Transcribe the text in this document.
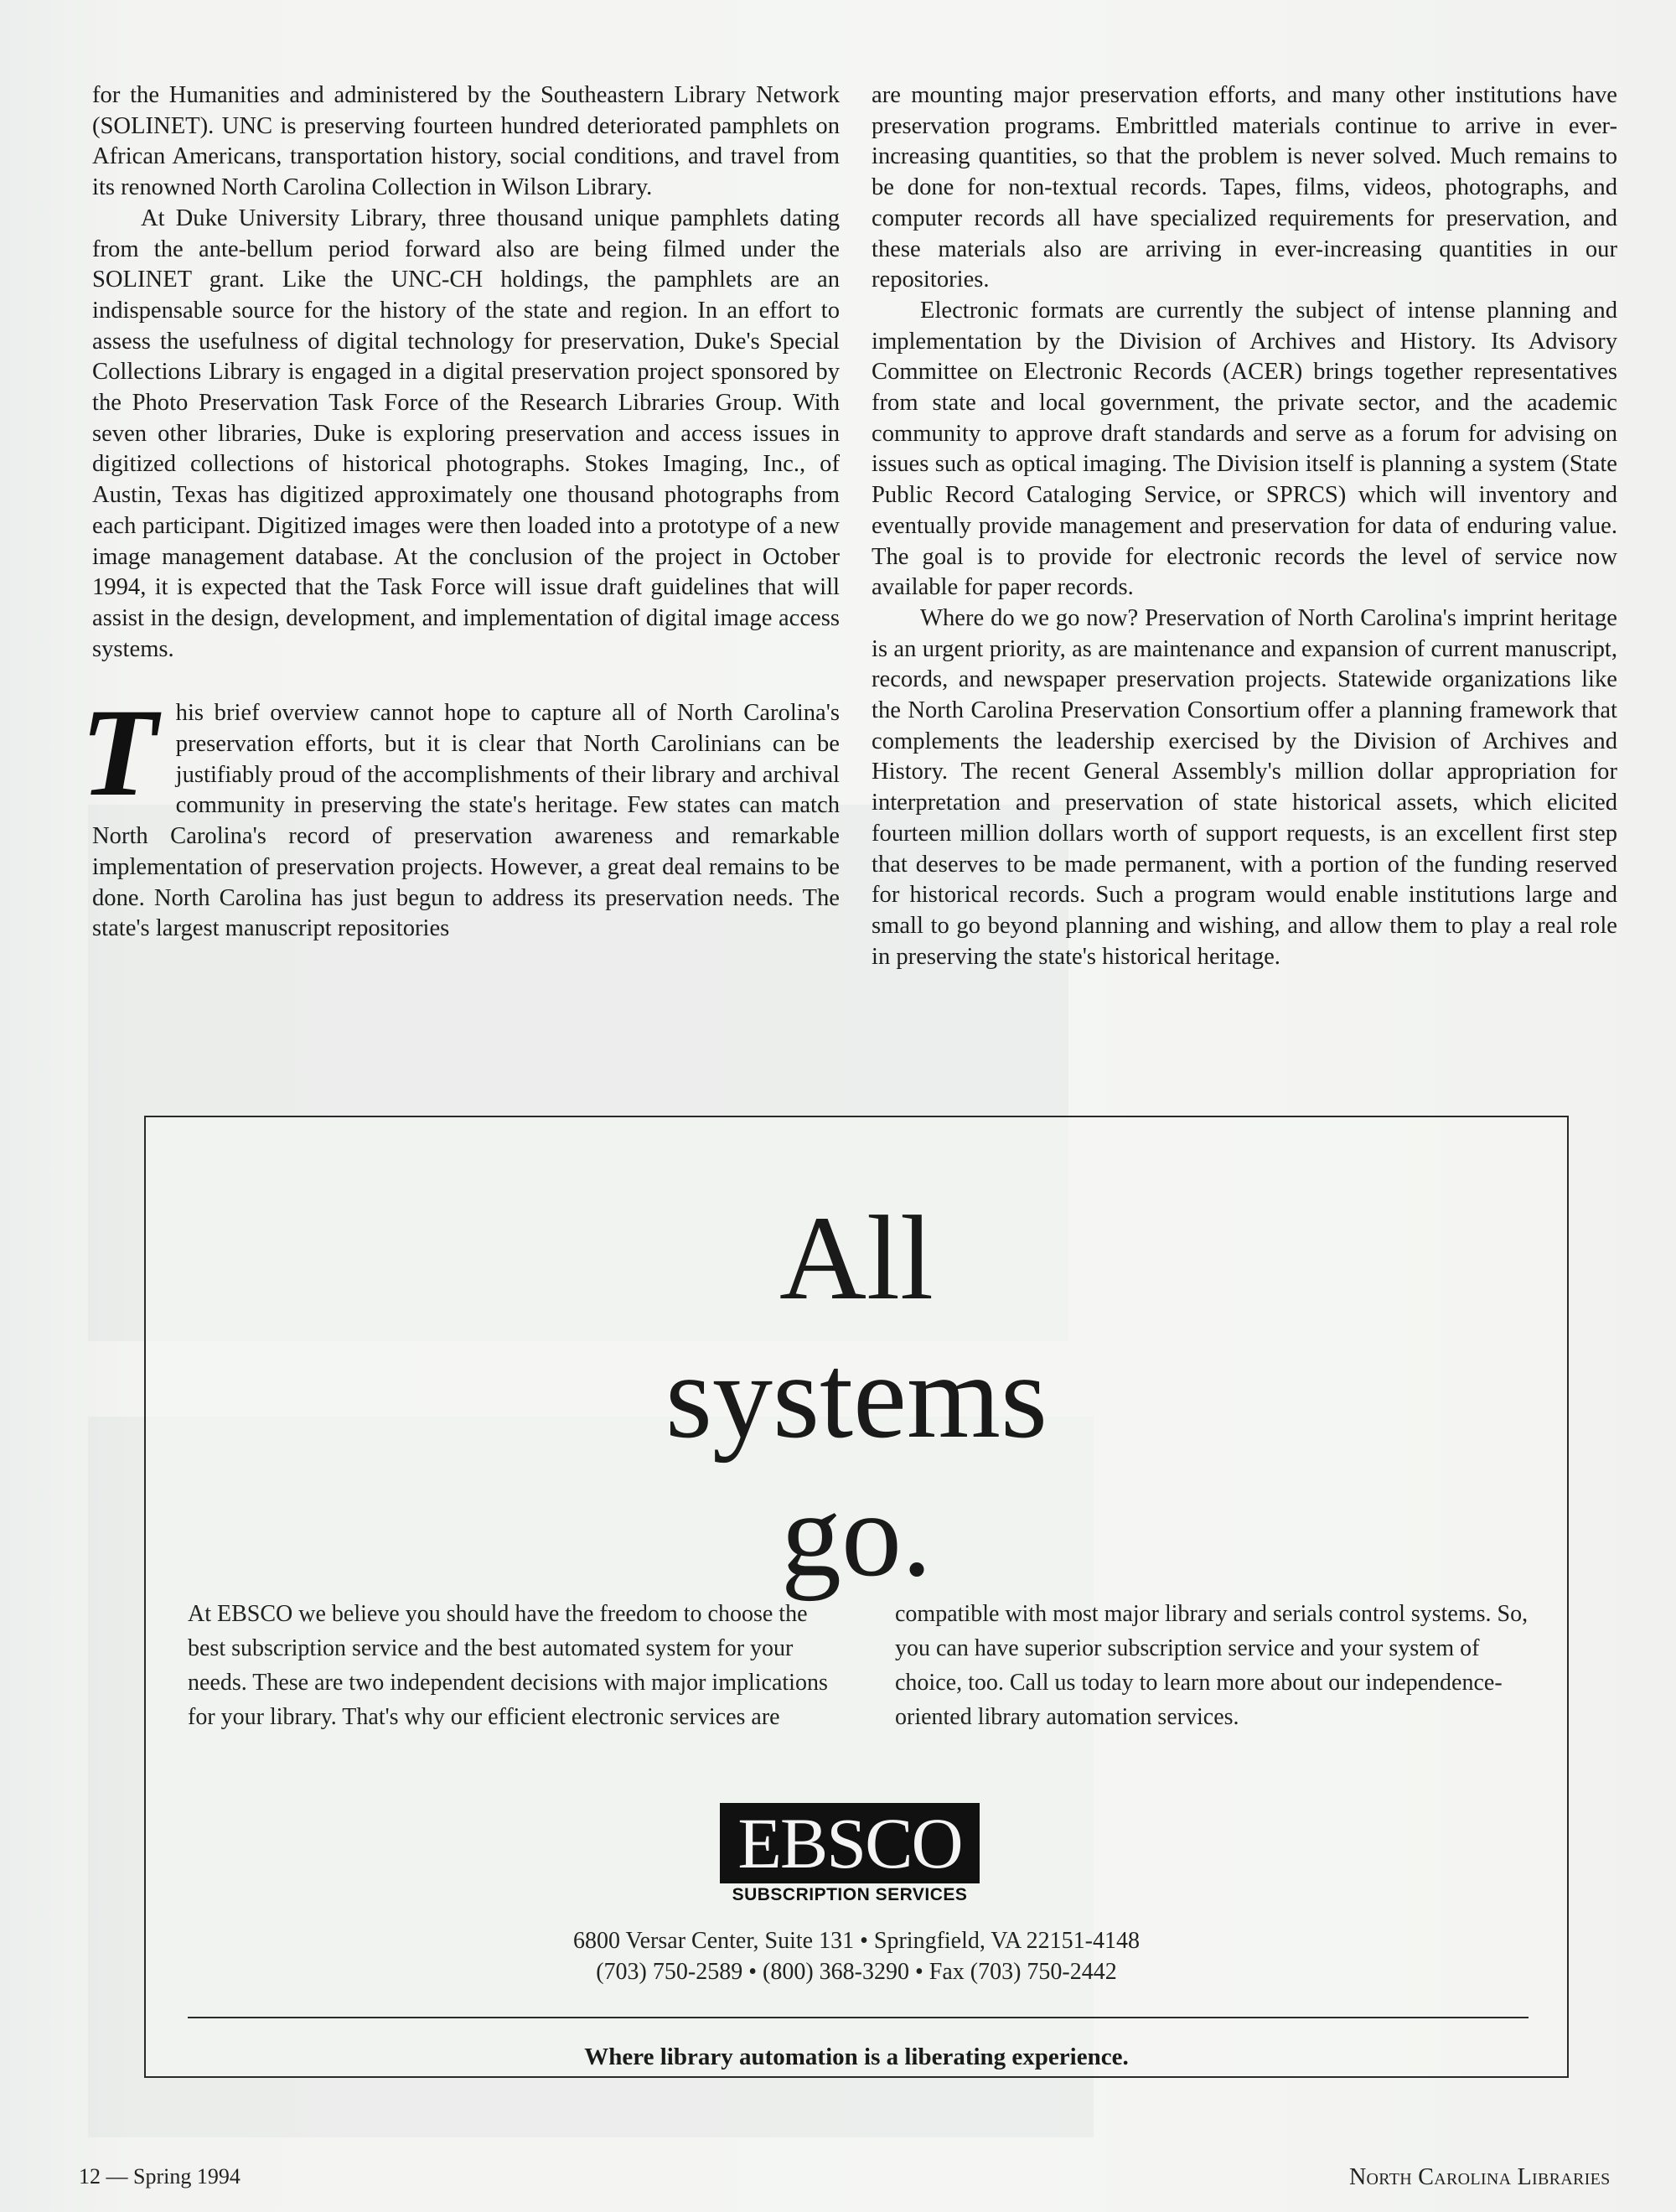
for the Humanities and administered by the Southeastern Library Network (SOLINET). UNC is preserving fourteen hundred deteriorated pamphlets on African Americans, transportation history, social conditions, and travel from its renowned North Carolina Collection in Wilson Library.

At Duke University Library, three thousand unique pamphlets dating from the ante-bellum period forward also are being filmed under the SOLINET grant. Like the UNC-CH holdings, the pamphlets are an indispensable source for the history of the state and region. In an effort to assess the usefulness of digital technology for preservation, Duke's Special Collections Library is engaged in a digital preservation project sponsored by the Photo Preservation Task Force of the Research Libraries Group. With seven other libraries, Duke is exploring preservation and access issues in digitized collections of historical photographs. Stokes Imaging, Inc., of Austin, Texas has digitized approximately one thousand photographs from each participant. Digitized images were then loaded into a prototype of a new image management database. At the conclusion of the project in October 1994, it is expected that the Task Force will issue draft guidelines that will assist in the design, development, and implementation of digital image access systems.

This brief overview cannot hope to capture all of North Carolina's preservation efforts, but it is clear that North Carolinians can be justifiably proud of the accomplishments of their library and archival community in preserving the state's heritage. Few states can match North Carolina's record of preservation awareness and remarkable implementation of preservation projects. However, a great deal remains to be done. North Carolina has just begun to address its preservation needs. The state's largest manuscript repositories

are mounting major preservation efforts, and many other institutions have preservation programs. Embrittled materials continue to arrive in ever-increasing quantities, so that the problem is never solved. Much remains to be done for non-textual records. Tapes, films, videos, photographs, and computer records all have specialized requirements for preservation, and these materials also are arriving in ever-increasing quantities in our repositories.

Electronic formats are currently the subject of intense planning and implementation by the Division of Archives and History. Its Advisory Committee on Electronic Records (ACER) brings together representatives from state and local government, the private sector, and the academic community to approve draft standards and serve as a forum for advising on issues such as optical imaging. The Division itself is planning a system (State Public Record Cataloging Service, or SPRCS) which will inventory and eventually provide management and preservation for data of enduring value. The goal is to provide for electronic records the level of service now available for paper records.

Where do we go now? Preservation of North Carolina's imprint heritage is an urgent priority, as are maintenance and expansion of current manuscript, records, and newspaper preservation projects. Statewide organizations like the North Carolina Preservation Consortium offer a planning framework that complements the leadership exercised by the Division of Archives and History. The recent General Assembly's million dollar appropriation for interpretation and preservation of state historical assets, which elicited fourteen million dollars worth of support requests, is an excellent first step that deserves to be made permanent, with a portion of the funding reserved for historical records. Such a program would enable institutions large and small to go beyond planning and wishing, and allow them to play a real role in preserving the state's historical heritage.

All
systems
go.
At EBSCO we believe you should have the freedom to choose the best subscription service and the best automated system for your needs. These are two independent decisions with major implications for your library. That's why our efficient electronic services are
compatible with most major library and serials control systems. So, you can have superior subscription service and your system of choice, too. Call us today to learn more about our independence-oriented library automation services.
EBSCO
SUBSCRIPTION SERVICES
6800 Versar Center, Suite 131 • Springfield, VA 22151-4148
(703) 750-2589 • (800) 368-3290 • Fax (703) 750-2442
Where library automation is a liberating experience.
12 — Spring 1994	North Carolina Libraries
